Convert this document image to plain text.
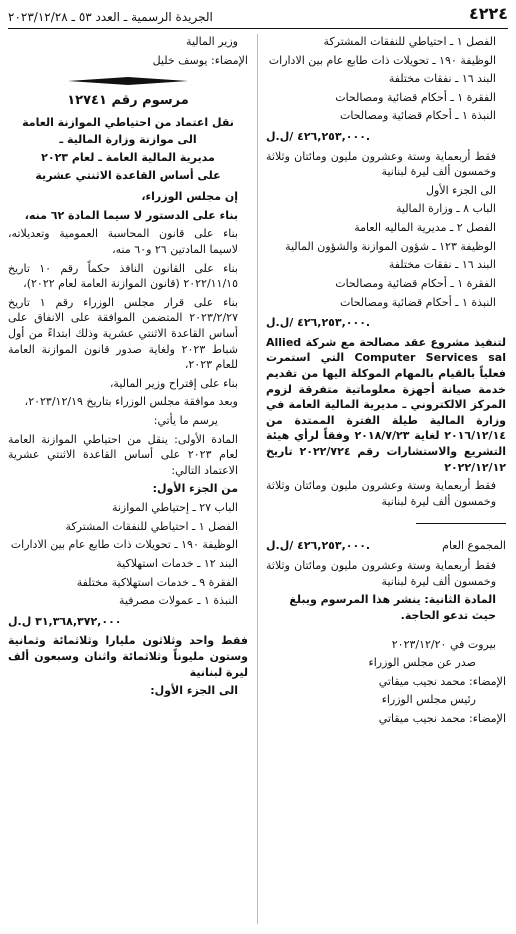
٤٢٢٤
الجريدة الرسمية ـ العدد ٥٣ ـ ٢٠٢٣/١٢/٢٨

الفصل ١ ـ احتياطي للنفقات المشتركة

الوظيفة ١٩٠ ـ تحويلات ذات طابع عام بين الادارات

البند ١٦ ـ نفقات مختلفة

الفقرة ١ ـ أحكام قضائية ومصالحات

النبذة ١ ـ أحكام قضائية ومصالحات

٤٢٦,٢٥٣,٠٠٠ /ل.ل.

فقط أربعماية وستة وعشرون مليون ومائتان وثلاثة وخمسون ألف ليرة لبنانية

الى الجزء الأول

الباب ٨ ـ وزارة المالية

الفصل ٢ ـ مديرية الماليه العامة

الوظيفة ١٢٣ ـ شؤون الموازنة والشؤون المالية

البند ١٦ ـ نفقات مختلفة

الفقرة ١ ـ أحكام قضائية ومصالحات

النبذة ١ ـ أحكام قضائية ومصالحات

٤٢٦,٢٥٣,٠٠٠ /ل.ل.

لتنفيذ مشروع عقد مصالحة مع شركة Allied Computer Services sal التي استمرت فعلياً بالقيام بالمهام الموكلة اليها من تقديم خدمة صيانة أجهزة معلوماتية متفرقة لزوم المركز الالكتروني ـ مديرية المالية العامة في وزارة المالية طيلة الفترة الممتدة من ٢٠١٦/١٢/١٤ لغاية ٢٠١٨/٧/٢٣ وفقاً لرأي هيئة التشريع والاستشارات رقم ٢٠٢٢/٧٢٤ تاريخ ٢٠٢٢/١٢/١٢

فقط أربعماية وستة وعشرون مليون ومائتان وثلاثة وخمسون ألف ليرة لبنانية

المجموع العام
٤٢٦,٢٥٣,٠٠٠ /ل.ل.

فقط أربعماية وستة وعشرون مليون ومائتان وثلاثة وخمسون ألف ليرة لبنانية

المادة الثانية: ينشر هذا المرسوم ويبلغ حيث تدعو الحاجة.

بيروت في ٢٠٢٣/١٢/٢٠

صدر عن مجلس الوزراء

الإمضاء: محمد نجيب ميقاتي

رئيس مجلس الوزراء

الإمضاء: محمد نجيب ميقاتي

وزير المالية

الإمضاء: يوسف خليل

مرسوم رقم ١٢٧٤١

نقل اعتماد من احتياطي الموازنة العامة

الى موازنة وزارة المالية ـ

مديرية المالية العامة ـ لعام ٢٠٢٣

على أساس القاعدة الاثنتي عشرية

إن مجلس الوزراء،

بناء على الدستور لا سيما المادة ٦٢ منه،

بناء على قانون المحاسبة العمومية وتعديلاته، لاسيما المادتين ٢٦ و٦٠ منه،

بناء على القانون النافذ حكماً رقم ١٠ تاريخ ٢٠٢٢/١١/١٥ (قانون الموازنة العامة لعام ٢٠٢٢)،

بناء على قرار مجلس الوزراء رقم ١ تاريخ ٢٠٢٣/٢/٢٧ المتضمن الموافقة على الانفاق على أساس القاعدة الاثنتي عشرية وذلك ابتداءً من أول شباط ٢٠٢٣ ولغاية صدور قانون الموازنة العامة للعام ٢٠٢٣،

بناء على إقتراح وزير المالية،

وبعد موافقة مجلس الوزراء بتاريخ ٢٠٢٣/١٢/١٩،

يرسم ما يأتي:

المادة الأولى: ينقل من احتياطي الموازنة العامة لعام ٢٠٢٣ على أساس القاعدة الاثنتي عشرية الاعتماد التالي:

من الجزء الأول:

الباب ٢٧ ـ إحتياطي الموازنة

الفصل ١ ـ احتياطي للنفقات المشتركة

الوظيفة ١٩٠ ـ تحويلات ذات طابع عام بين الادارات

البند ١٢ ـ خدمات استهلاكية

الفقرة ٩ ـ خدمات استهلاكية مختلفة

النبذة ١ ـ عمولات مصرفية

٣١,٣٦٨,٣٧٢,٠٠٠ ل.ل

فقط واحد وثلاثون مليارا وثلاثمائة وثمانية وستون مليوناً وثلاثمائة واثنان وسبعون ألف ليرة لبنانية

الى الجزء الأول:
